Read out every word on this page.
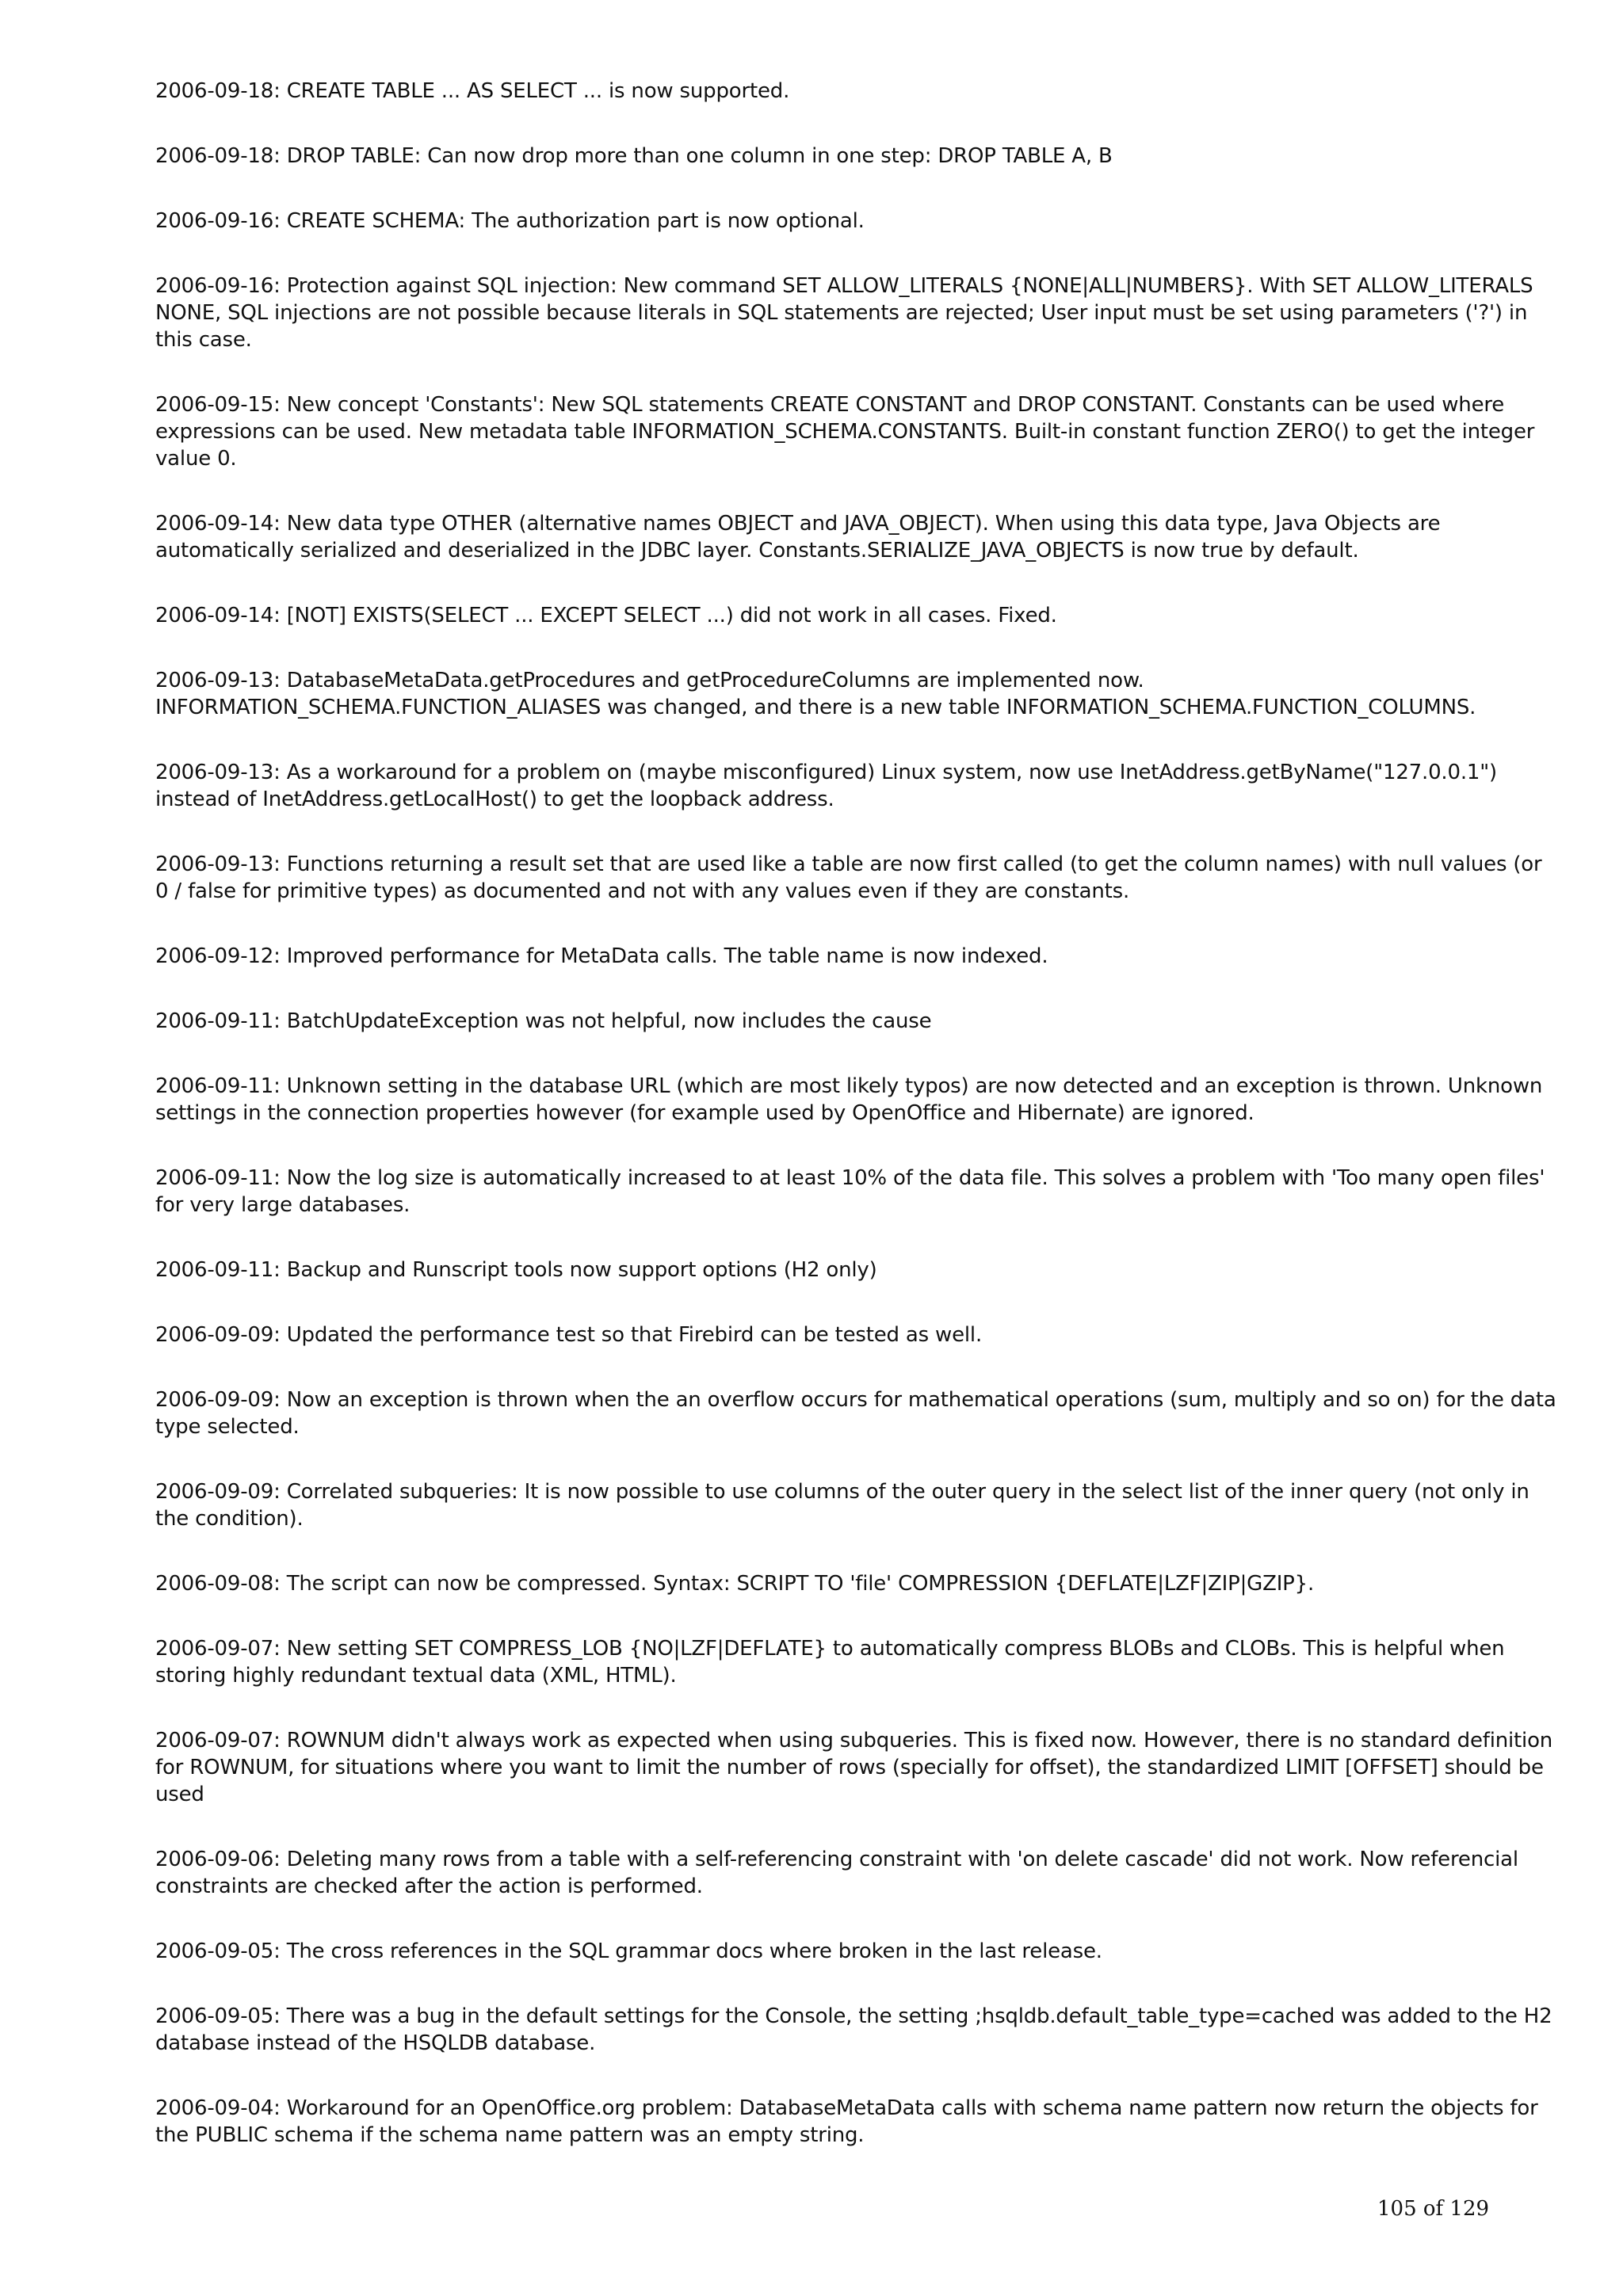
2006-09-18: CREATE TABLE ... AS SELECT ... is now supported.

2006-09-18: DROP TABLE: Can now drop more than one column in one step: DROP TABLE A, B

2006-09-16: CREATE SCHEMA: The authorization part is now optional.

2006-09-16: Protection against SQL injection: New command SET ALLOW_LITERALS {NONE|ALL|NUMBERS}. With SET ALLOW_LITERALS NONE, SQL injections are not possible because literals in SQL statements are rejected; User input must be set using parameters ('?') in this case.

2006-09-15: New concept 'Constants': New SQL statements CREATE CONSTANT and DROP CONSTANT. Constants can be used where expressions can be used. New metadata table INFORMATION_SCHEMA.CONSTANTS. Built-in constant function ZERO() to get the integer value 0.

2006-09-14: New data type OTHER (alternative names OBJECT and JAVA_OBJECT). When using this data type, Java Objects are automatically serialized and deserialized in the JDBC layer. Constants.SERIALIZE_JAVA_OBJECTS is now true by default.

2006-09-14: [NOT] EXISTS(SELECT ... EXCEPT SELECT ...) did not work in all cases. Fixed.

2006-09-13: DatabaseMetaData.getProcedures and getProcedureColumns are implemented now. INFORMATION_SCHEMA.FUNCTION_ALIASES was changed, and there is a new table INFORMATION_SCHEMA.FUNCTION_COLUMNS.

2006-09-13: As a workaround for a problem on (maybe misconfigured) Linux system, now use InetAddress.getByName("127.0.0.1") instead of InetAddress.getLocalHost() to get the loopback address.

2006-09-13: Functions returning a result set that are used like a table are now first called (to get the column names) with null values (or 0 / false for primitive types) as documented and not with any values even if they are constants.

2006-09-12: Improved performance for MetaData calls. The table name is now indexed.

2006-09-11: BatchUpdateException was not helpful, now includes the cause

2006-09-11: Unknown setting in the database URL (which are most likely typos) are now detected and an exception is thrown. Unknown settings in the connection properties however (for example used by OpenOffice and Hibernate) are ignored.

2006-09-11: Now the log size is automatically increased to at least 10% of the data file. This solves a problem with 'Too many open files' for very large databases.

2006-09-11: Backup and Runscript tools now support options (H2 only)

2006-09-09: Updated the performance test so that Firebird can be tested as well.

2006-09-09: Now an exception is thrown when the an overflow occurs for mathematical operations (sum, multiply and so on) for the data type selected.

2006-09-09: Correlated subqueries: It is now possible to use columns of the outer query in the select list of the inner query (not only in the condition).

2006-09-08: The script can now be compressed. Syntax: SCRIPT TO 'file' COMPRESSION {DEFLATE|LZF|ZIP|GZIP}.

2006-09-07: New setting SET COMPRESS_LOB {NO|LZF|DEFLATE} to automatically compress BLOBs and CLOBs. This is helpful when storing highly redundant textual data (XML, HTML).

2006-09-07: ROWNUM didn't always work as expected when using subqueries. This is fixed now. However, there is no standard definition for ROWNUM, for situations where you want to limit the number of rows (specially for offset), the standardized LIMIT [OFFSET] should be used

2006-09-06: Deleting many rows from a table with a self-referencing constraint with 'on delete cascade' did not work. Now referencial constraints are checked after the action is performed.

2006-09-05: The cross references in the SQL grammar docs where broken in the last release.

2006-09-05: There was a bug in the default settings for the Console, the setting ;hsqldb.default_table_type=cached was added to the H2 database instead of the HSQLDB database.

2006-09-04: Workaround for an OpenOffice.org problem: DatabaseMetaData calls with schema name pattern now return the objects for the PUBLIC schema if the schema name pattern was an empty string.

105 of 129
